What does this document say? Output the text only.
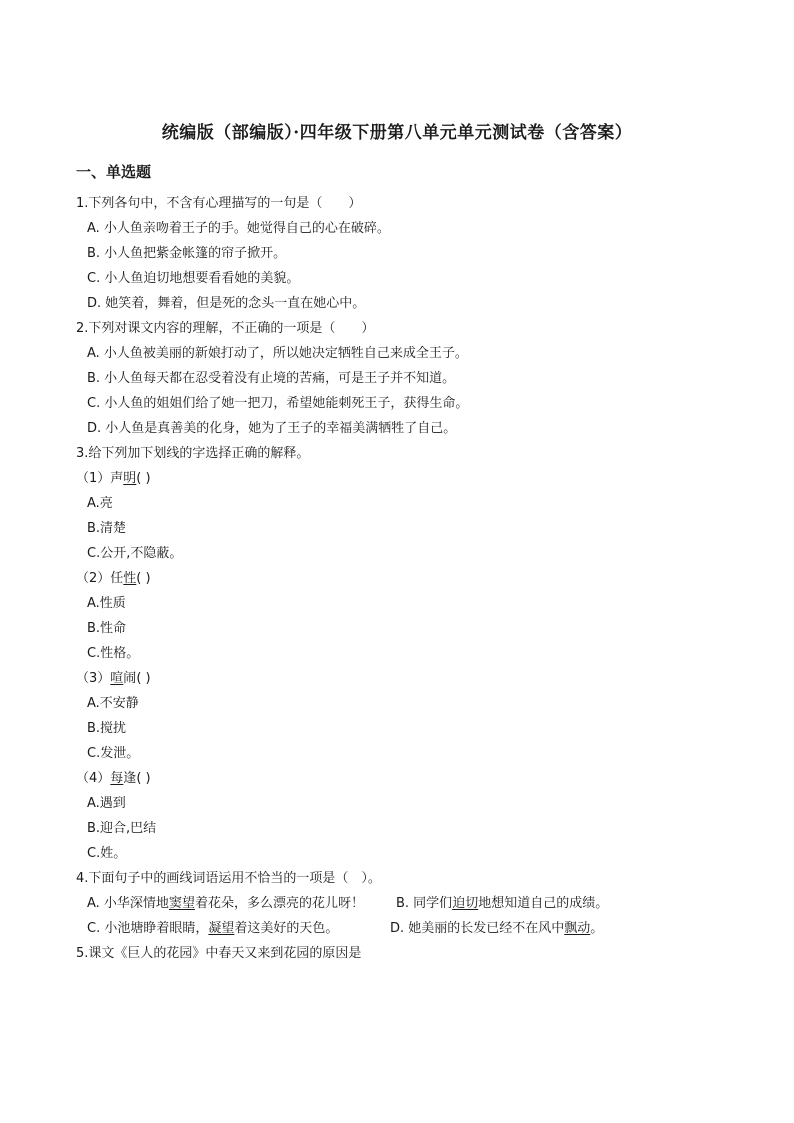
统编版（部编版）·四年级下册第八单元单元测试卷（含答案）
一、单选题
1.下列各句中，不含有心理描写的一句是（　　）
A. 小人鱼亲吻着王子的手。她觉得自己的心在破碎。
B. 小人鱼把紫金帐篷的帘子掀开。
C. 小人鱼迫切地想要看看她的美貌。
D. 她笑着，舞着，但是死的念头一直在她心中。
2.下列对课文内容的理解，不正确的一项是（　　）
A. 小人鱼被美丽的新娘打动了，所以她决定牺牲自己来成全王子。
B. 小人鱼每天都在忍受着没有止境的苦痛，可是王子并不知道。
C. 小人鱼的姐姐们给了她一把刀，希望她能刺死王子，获得生命。
D. 小人鱼是真善美的化身，她为了王子的幸福美满牺牲了自己。
3.给下列加下划线的字选择正确的解释。
（1）声明( )
A.亮
B.清楚
C.公开,不隐蔽。
（2）任性( )
A.性质
B.性命
C.性格。
（3）喧闹( )
A.不安静
B.搅扰
C.发泄。
（4）每逢( )
A.遇到
B.迎合,巴结
C.姓。
4.下面句子中的画线词语运用不恰当的一项是（　）。
A. 小华深情地窦望着花朵，多么漂亮的花儿呀！ B. 同学们迫切地想知道自己的成绩。
C. 小池塘睁着眼睛，凝望着这美好的天色。	D. 她美丽的长发已经不在风中飘动。
5.课文《巨人的花园》中春天又来到花园的原因是
